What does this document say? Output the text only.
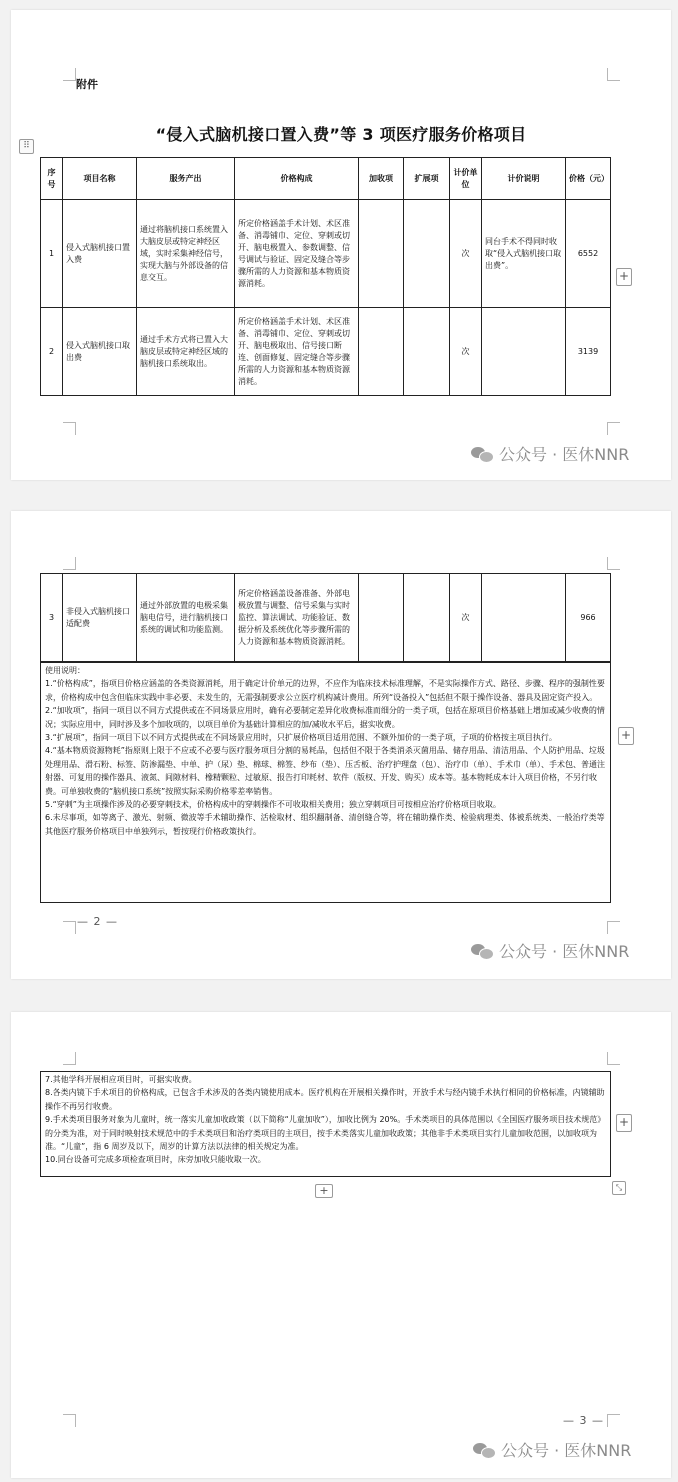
附件
“侵入式脑机接口置入费”等 3 项医疗服务价格项目
⠿
序号	项目名称	服务产出	价格构成	加收项	扩展项	计价单位	计价说明	价格（元）
1	侵入式脑机接口置入费	通过将脑机接口系统置入大脑皮层或特定神经区域，实时采集神经信号，实现大脑与外部设备的信息交互。	所定价格涵盖手术计划、术区准备、消毒铺巾、定位、穿刺或切开、脑电极置入、参数调整、信号调试与验证、固定及缝合等步骤所需的人力资源和基本物质资源消耗。			次	同台手术不得同时收取“侵入式脑机接口取出费”。	6552
2	侵入式脑机接口取出费	通过手术方式将已置入大脑皮层或特定神经区域的脑机接口系统取出。	所定价格涵盖手术计划、术区准备、消毒铺巾、定位、穿刺或切开、脑电极取出、信号接口断连、创面修复、固定缝合等步骤所需的人力资源和基本物质资源消耗。			次		3139
+
公众号 · 医休NNR
3	非侵入式脑机接口适配费	通过外部放置的电极采集脑电信号，进行脑机接口系统的调试和功能监测。	所定价格涵盖设备准备、外部电极放置与调整、信号采集与实时监控、算法调试、功能验证、数据分析及系统优化等步骤所需的人力资源和基本物质资源消耗。			次		966

使用说明：

1.“价格构成”，指项目价格应涵盖的各类资源消耗，用于确定计价单元的边界，不应作为临床技术标准理解，不是实际操作方式、路径、步骤、程序的强制性要求，价格构成中包含但临床实践中非必要、未发生的，无需强制要求公立医疗机构减计费用。所列“设备投入”包括但不限于操作设备、器具及固定资产投入。

2.“加收项”，指同一项目以不同方式提供或在不同场景应用时，确有必要制定差异化收费标准而细分的一类子项，包括在原项目价格基础上增加或减少收费的情况；实际应用中，同时涉及多个加收项的，以项目单价为基础计算相应的加/减收水平后，据实收费。

3.“扩展项”，指同一项目下以不同方式提供或在不同场景应用时，只扩展价格项目适用范围、不额外加价的一类子项，子项的价格按主项目执行。

4.“基本物质资源物耗”指原则上限于不应或不必要与医疗服务项目分割的易耗品，包括但不限于各类消杀灭菌用品、储存用品、清洁用品、个人防护用品、垃圾处理用品、滑石粉、标签、防渗漏垫、中单、护（尿）垫、棉球、棉签、纱布（垫）、压舌板、治疗护理盘（包）、治疗巾（单）、手术巾（单）、手术包、普通注射器、可复用的操作器具、液氮、间隙材料、橡精颗粒、过敏原、报告打印耗材、软件（版权、开发、购买）成本等。基本物耗成本计入项目价格，不另行收费。可单独收费的“脑机接口系统”按照实际采购价格零差率销售。

5.“穿刺”为主项操作涉及的必要穿刺技术，价格构成中的穿刺操作不可收取相关费用；独立穿刺项目可按相应治疗价格项目收取。

6.未尽事项，如等离子、激光、射频、微波等手术辅助操作、活检取材、组织翻制备、清创缝合等，将在辅助操作类、检验病理类、体被系统类、一般治疗类等其他医疗服务价格项目中单独列示，暂按现行价格政策执行。

+
— 2 —
公众号 · 医休NNR

7.其他学科开展相应项目时，可据实收费。

8.各类内镜下手术项目的价格构成，已包含手术涉及的各类内镜使用成本。医疗机构在开展相关操作时，开放手术与经内镜手术执行相同的价格标准，内镜辅助操作不再另行收费。

9.手术类项目服务对象为儿童时，统一落实儿童加收政策（以下简称“儿童加收”），加收比例为 20%。手术类项目的具体范围以《全国医疗服务项目技术规范》的分类为准，对于同时映射技术规范中的手术类项目和治疗类项目的主项目，按手术类落实儿童加收政策；其他非手术类项目实行儿童加收范围，以加收项为准。“儿童”，指 6 周岁及以下，周岁的计算方法以法律的相关规定为准。

10.同台设备可完成多项检查项目时，床旁加收只能收取一次。

+
+	⤡
— 3 —
公众号 · 医休NNR
